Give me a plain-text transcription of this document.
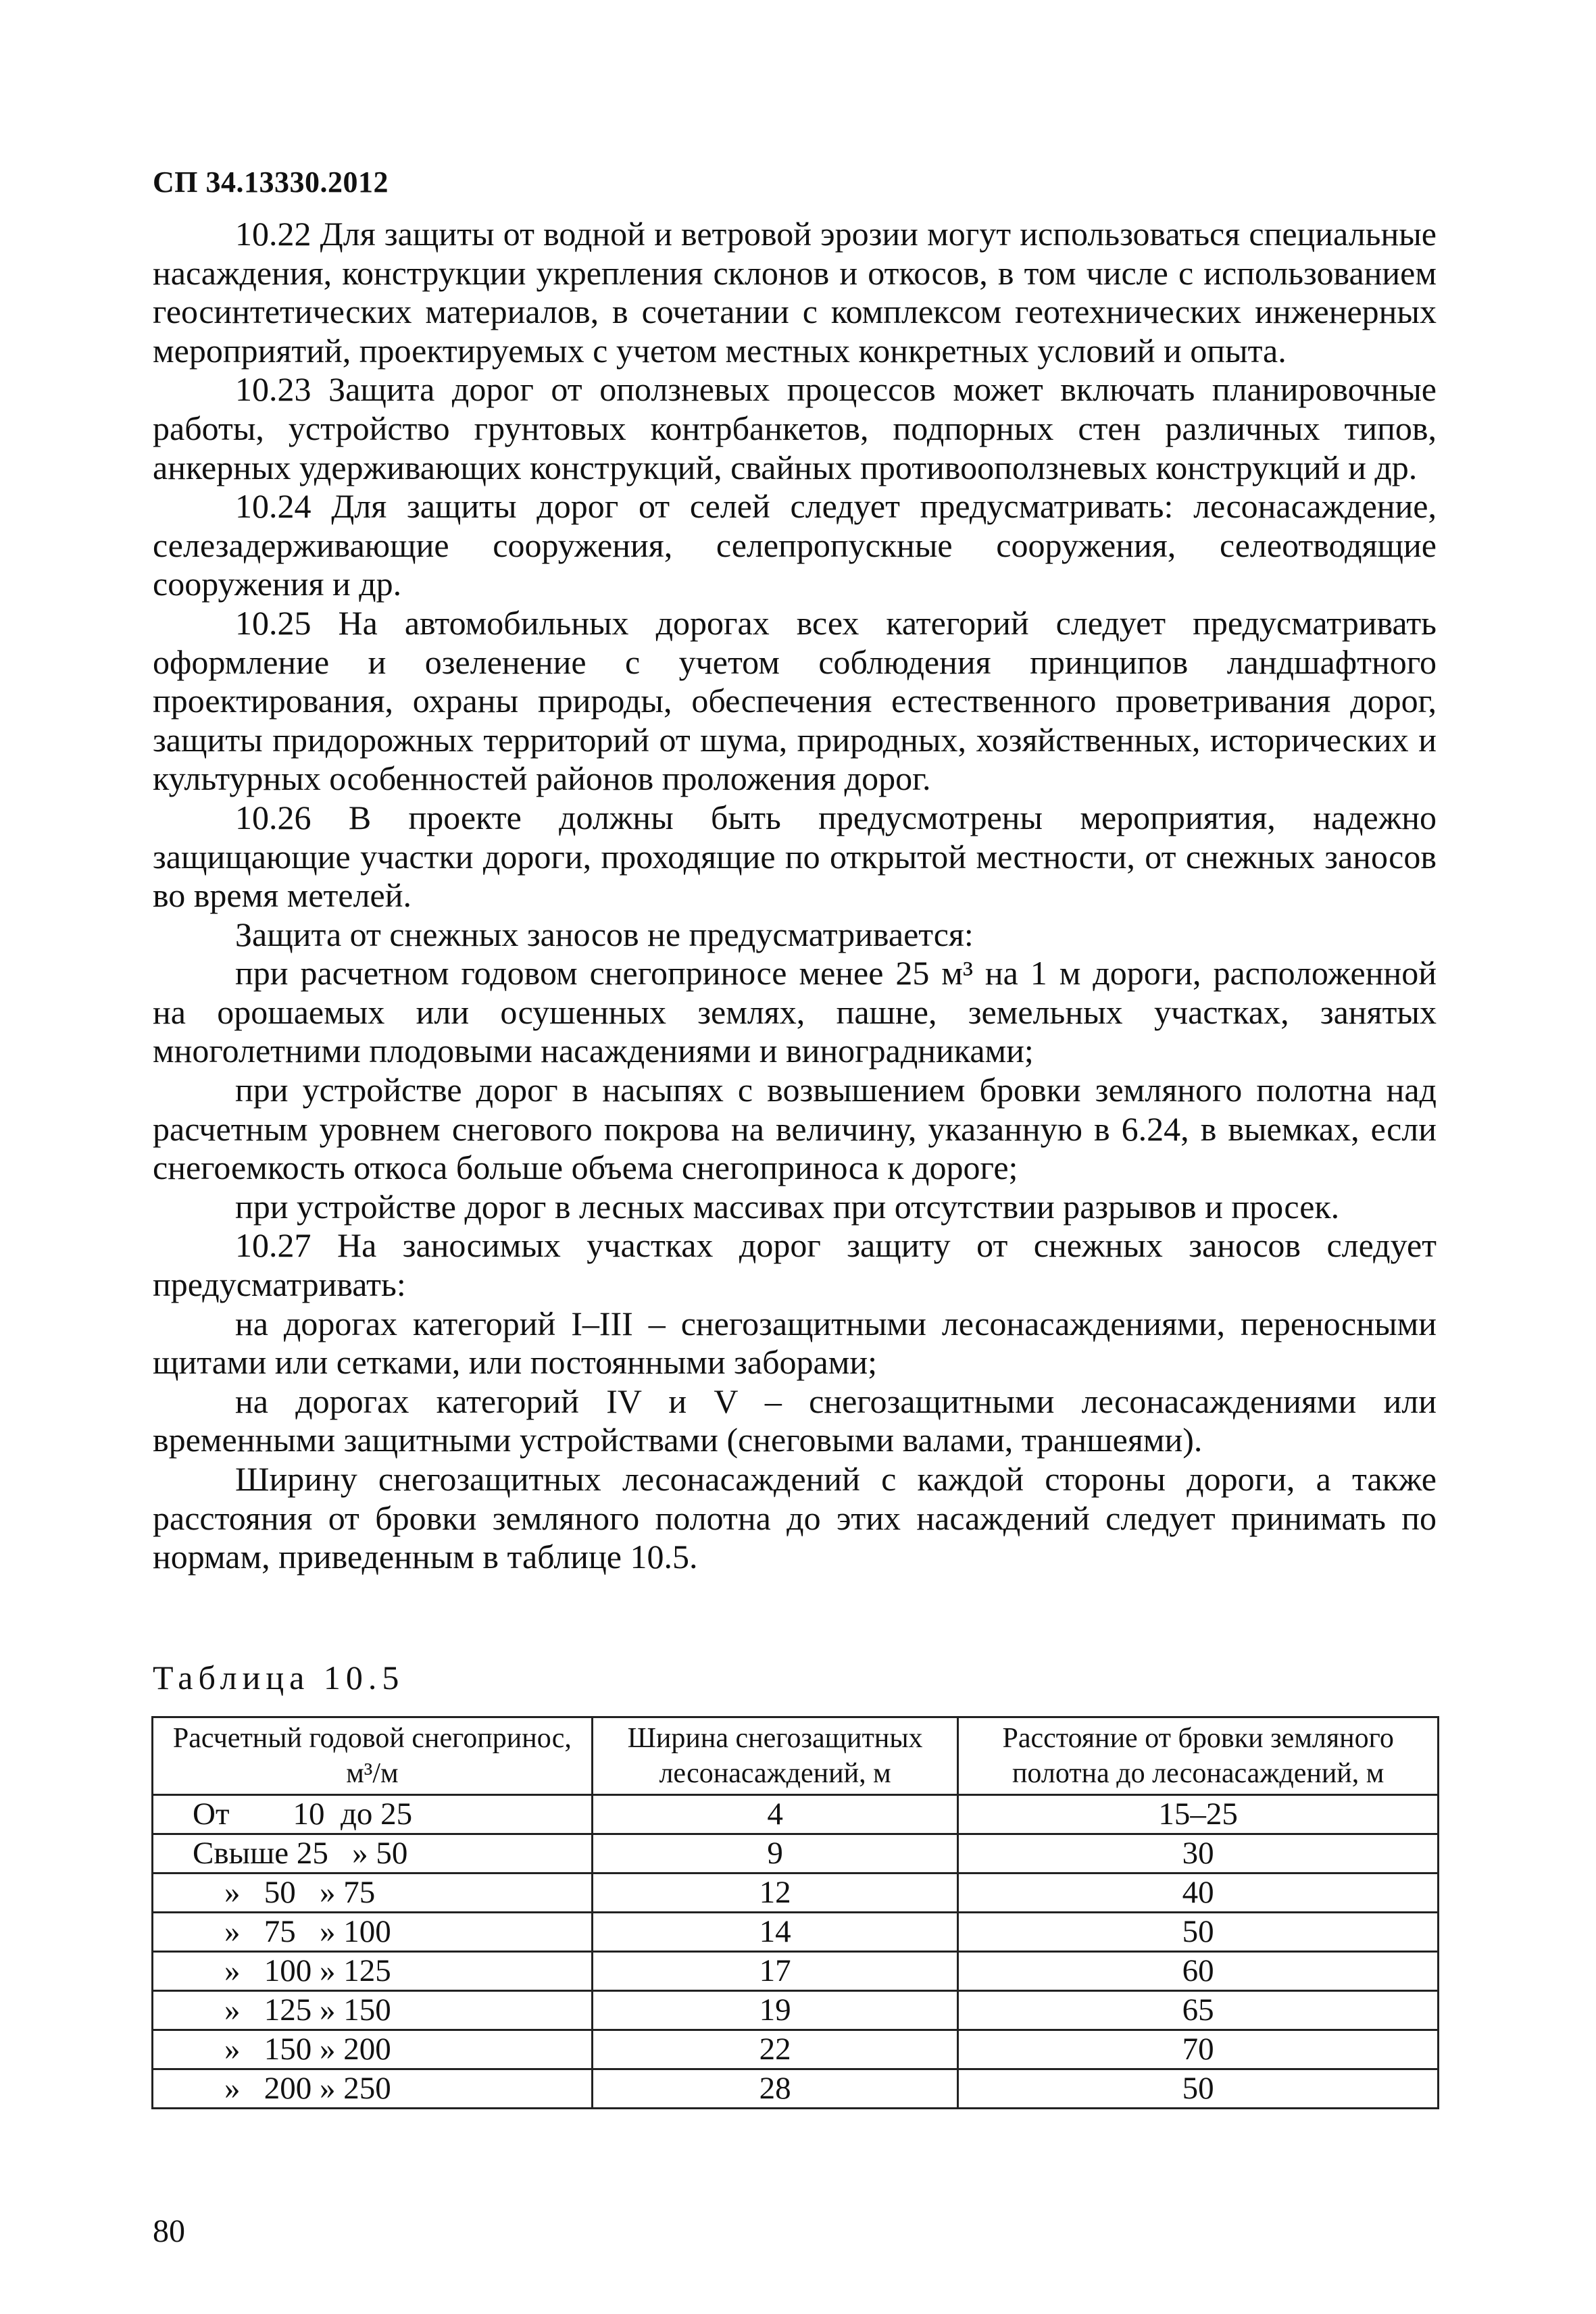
СП 34.13330.2012

10.22 Для защиты от водной и ветровой эрозии могут использоваться специальные насаждения, конструкции укрепления склонов и откосов, в том числе с использованием геосинтетических материалов, в сочетании с комплексом геотехнических инженерных мероприятий, проектируемых с учетом местных конкретных условий и опыта.

10.23 Защита дорог от оползневых процессов может включать планировочные работы, устройство грунтовых контрбанкетов, подпорных стен различных типов, анкерных удерживающих конструкций, свайных противооползневых конструкций и др.

10.24 Для защиты дорог от селей следует предусматривать: лесонасаждение, селезадерживающие сооружения, селепропускные сооружения, селеотводящие сооружения и др.

10.25 На автомобильных дорогах всех категорий следует предусматривать оформление и озеленение с учетом соблюдения принципов ландшафтного проектирования, охраны природы, обеспечения естественного проветривания дорог, защиты придорожных территорий от шума, природных, хозяйственных, исторических и культурных особенностей районов проложения дорог.

10.26 В проекте должны быть предусмотрены мероприятия, надежно защищающие участки дороги, проходящие по открытой местности, от снежных заносов во время метелей.

Защита от снежных заносов не предусматривается:

при расчетном годовом снегоприносе менее 25 м³ на 1 м дороги, расположенной на орошаемых или осушенных землях, пашне, земельных участках, занятых многолетними плодовыми насаждениями и виноградниками;

при устройстве дорог в насыпях с возвышением бровки земляного полотна над расчетным уровнем снегового покрова на величину, указанную в 6.24, в выемках, если снегоемкость откоса больше объема снегоприноса к дороге;

при устройстве дорог в лесных массивах при отсутствии разрывов и просек.

10.27 На заносимых участках дорог защиту от снежных заносов следует предусматривать:

на дорогах категорий I–III – снегозащитными лесонасаждениями, переносными щитами или сетками, или постоянными заборами;

на дорогах категорий IV и V – снегозащитными лесонасаждениями или временными защитными устройствами (снеговыми валами, траншеями).

Ширину снегозащитных лесонасаждений с каждой стороны дороги, а также расстояния от бровки земляного полотна до этих насаждений следует принимать по нормам, приведенным в таблице 10.5.

Таблица 10.5
Расчетный годовой снегопринос, м³/м	Ширина снегозащитных лесонасаждений, м	Расстояние от бровки земляного полотна до лесонасаждений, м
От        10  до 25	4	15–25
Свыше 25   » 50	9	30
»   50   » 75	12	40
»   75   » 100	14	50
»   100 » 125	17	60
»   125 » 150	19	65
»   150 » 200	22	70
»   200 » 250	28	50
80
